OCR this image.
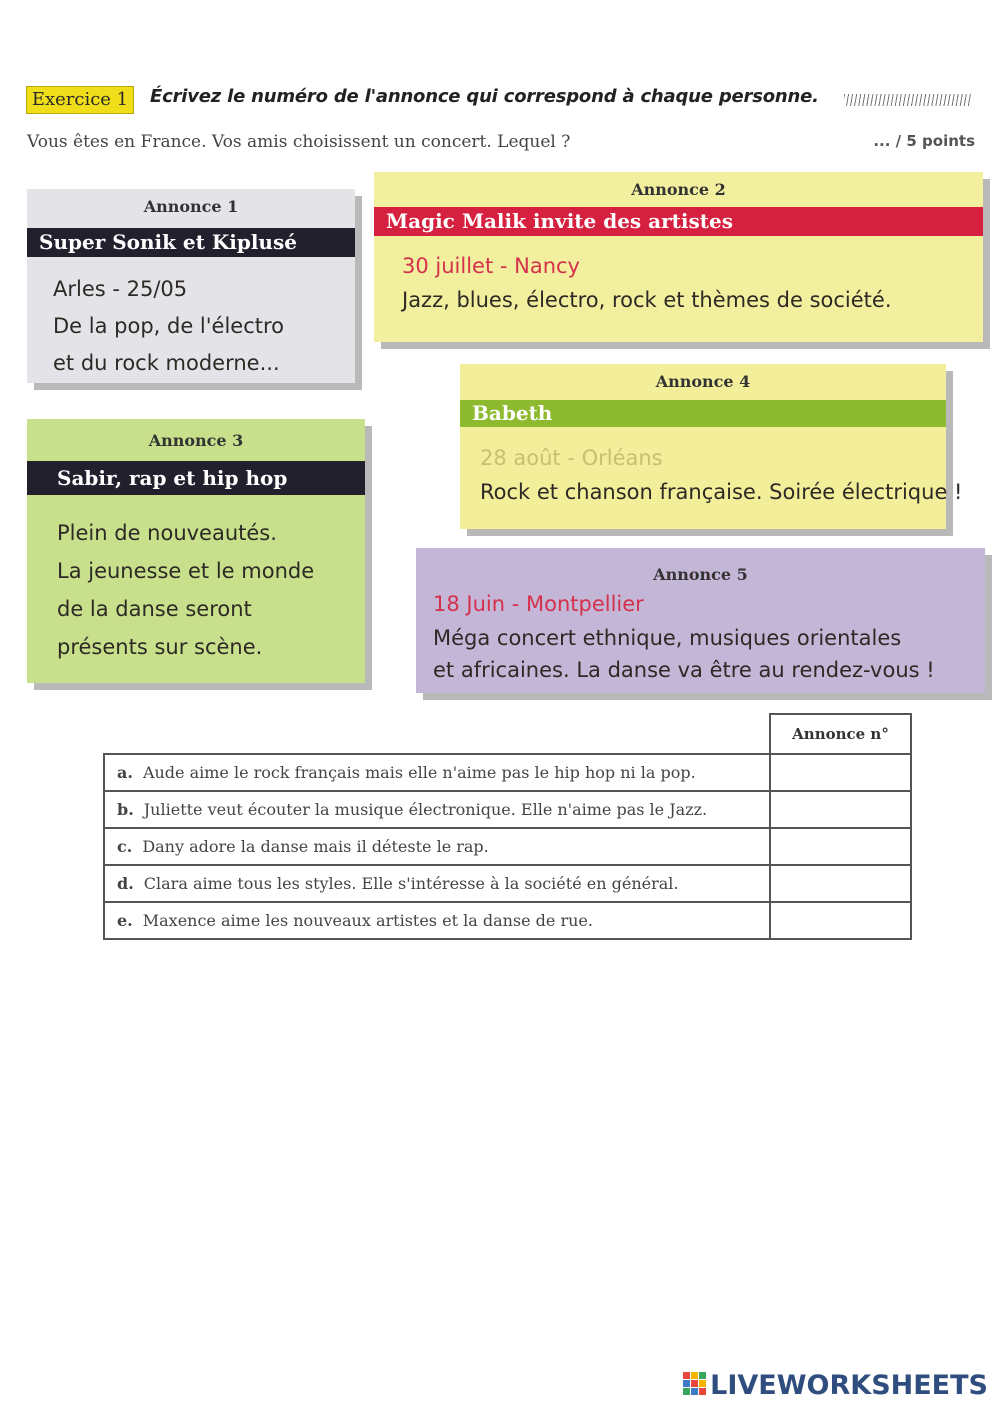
Exercice 1	Écrivez le numéro de l'annonce qui correspond à chaque personne.
Vous êtes en France. Vos amis choisissent un concert. Lequel ?	... / 5 points
Annonce 1
Super Sonik et Kiplusé
Arles - 25/05
De la pop, de l'électro
et du rock moderne...
Annonce 2
Magic Malik invite des artistes
30 juillet - Nancy
Jazz, blues, électro, rock et thèmes de société.
Annonce 4
Babeth
28 août - Orléans
Rock et chanson française. Soirée électrique !
Annonce 3
Sabir, rap et hip hop
Plein de nouveautés.
La jeunesse et le monde
de la danse seront
présents sur scène.
Annonce 5
18 Juin - Montpellier
Méga concert ethnique, musiques orientales
et africaines. La danse va être au rendez-vous !
	Annonce n°
a. Aude aime le rock français mais elle n'aime pas le hip hop ni la pop.	
b. Juliette veut écouter la musique électronique. Elle n'aime pas le Jazz.	
c. Dany adore la danse mais il déteste le rap.	
d. Clara aime tous les styles. Elle s'intéresse à la société en général.	
e. Maxence aime les nouveaux artistes et la danse de rue.	
LIVEWORKSHEETS
